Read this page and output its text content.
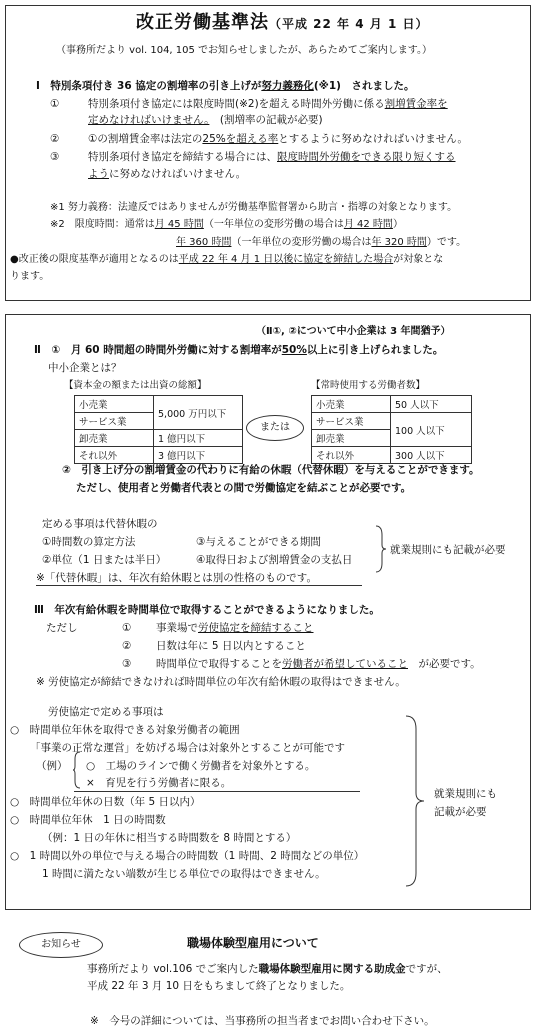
改正労働基準法（平成 22 年 4 月 1 日）
（事務所だより vol. 104, 105 でお知らせしましたが、あらためてご案内します。）
Ⅰ　特別条項付き 36 協定の割増率の引き上げが努力義務化(※1)　されました。
①	特別条項付き協定には限度時間(※2)を超える時間外労働に係る割増賃金率を
定めなければいけません。　 (割増率の記載が必要)
②	①の割増賃金率は法定の25%を超える率とするように努めなければいけません。
③	特別条項付き協定を締結する場合には、限度時間外労働をできる限り短くする
ように努めなければいけません。
※1 努力義務：法違反ではありませんが労働基準監督署から助言・指導の対象となります。
※2　限度時間：通常は月 45 時間（一年単位の変形労働の場合は月 42 時間）
年 360 時間（一年単位の変形労働の場合は年 320 時間）です。
●改正後の限度基準が適用となるのは平成 22 年 4 月 1 日以後に協定を締結した場合が対象とな
ります。
（Ⅱ①, ②について中小企業は 3 年間猶予）
Ⅱ　①　 月 60 時間超の時間外労働に対する割増率が50%以上に引き上げられました。
中小企業とは？
【資本金の額または出資の総額】
小売業	5,000 万円以下
サービス業	
卸売業	1 億円以下
それ以外	3 億円以下
または
【常時使用する労働者数】
小売業	50 人以下
サービス業	100 人以下
卸売業	
それ以外	300 人以下
②　引き上げ分の割増賃金の代わりに有給の休暇（代替休暇）を与えることができます。
ただし、使用者と労働者代表との間で労働協定を結ぶことが必要です。
定める事項は代替休暇の
①時間数の算定方法	③与えることができる期間
②単位（1 日または半日）	④取得日および割増賃金の支払日
就業規則にも記載が必要
※「代替休暇」は、年次有給休暇とは別の性格のものです。
Ⅲ　年次有給休暇を時間単位で取得することができるようになりました。
ただし	① 事業場で労使協定を締結すること
② 日数は年に 5 日以内とすること
③ 時間単位で取得することを労働者が希望していること　 が必要です。
※ 労使協定が締結できなければ時間単位の年次有給休暇の取得はできません。
労使協定で定める事項は
○　時間単位年休を取得できる対象労働者の範囲
「事業の正常な運営」を妨げる場合は対象外とすることが可能です
（例） ○　工場のラインで働く労働者を対象外とする。
×　育児を行う労働者に限る。
○　時間単位年休の日数（年 5 日以内）
○　時間単位年休　1 日の時間数
（例：1 日の年休に相当する時間数を 8 時間とする）
○　1 時間以外の単位で与える場合の時間数（1 時間、2 時間などの単位）
1 時間に満たない端数が生じる単位での取得はできません。
就業規則にも
記載が必要
お知らせ	職場体験型雇用について
事務所だより vol.106 でご案内した職場体験型雇用に関する助成金ですが、
平成 22 年 3 月 10 日をもちまして終了となりました。
※　今号の詳細については、当事務所の担当者までお問い合わせ下さい。
